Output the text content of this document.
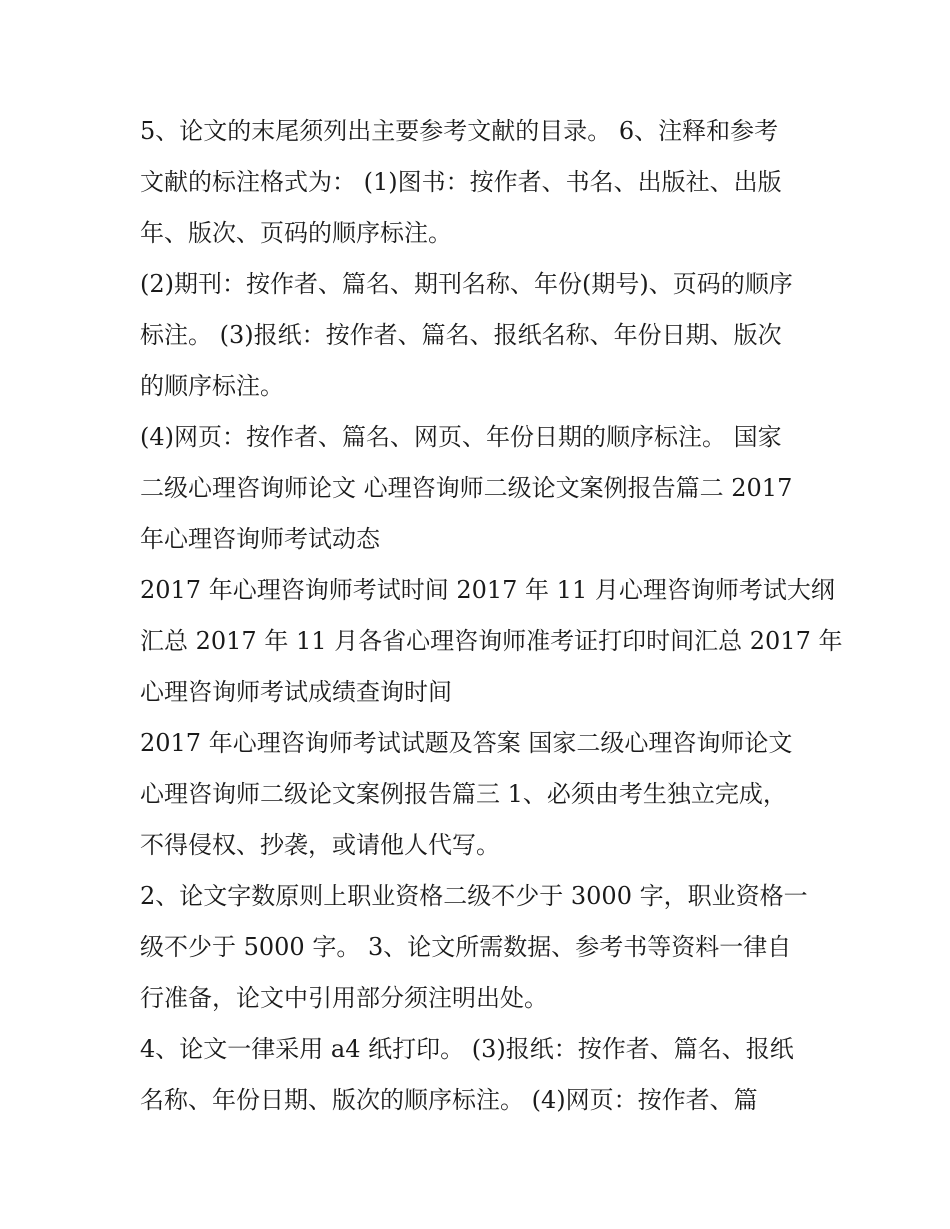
5、论文的末尾须列出主要参考文献的目录。 6、注释和参考
文献的标注格式为： (1)图书：按作者、书名、出版社、出版
年、版次、页码的顺序标注。

(2)期刊：按作者、篇名、期刊名称、年份(期号)、页码的顺序
标注。 (3)报纸：按作者、篇名、报纸名称、年份日期、版次
的顺序标注。

(4)网页：按作者、篇名、网页、年份日期的顺序标注。 国家
二级心理咨询师论文 心理咨询师二级论文案例报告篇二 2017
年心理咨询师考试动态

2017 年心理咨询师考试时间 2017 年 11 月心理咨询师考试大纲
汇总 2017 年 11 月各省心理咨询师准考证打印时间汇总 2017 年
心理咨询师考试成绩查询时间

2017 年心理咨询师考试试题及答案 国家二级心理咨询师论文
心理咨询师二级论文案例报告篇三 1、必须由考生独立完成，
不得侵权、抄袭，或请他人代写。

2、论文字数原则上职业资格二级不少于 3000 字，职业资格一
级不少于 5000 字。 3、论文所需数据、参考书等资料一律自
行准备，论文中引用部分须注明出处。

4、论文一律采用 a4 纸打印。 (3)报纸：按作者、篇名、报纸
名称、年份日期、版次的顺序标注。 (4)网页：按作者、篇
